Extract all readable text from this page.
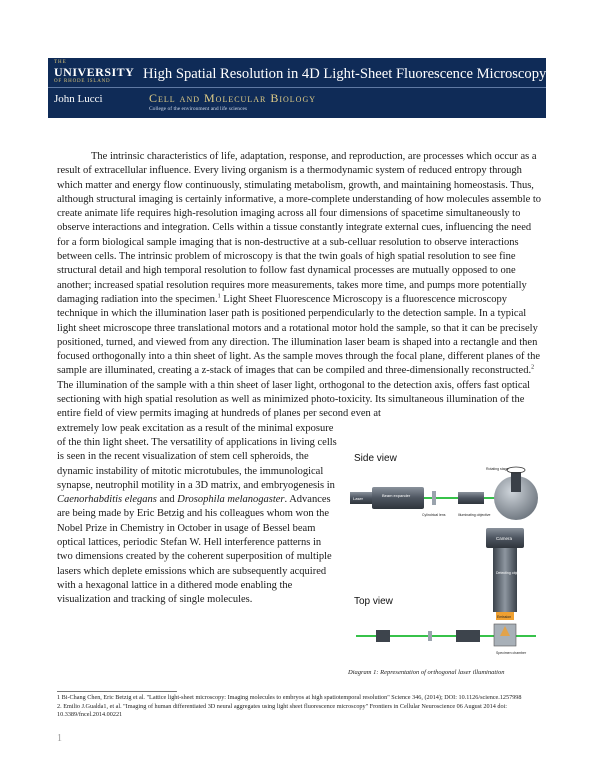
THE
UNIVERSITY
OF RHODE ISLAND	High Spatial Resolution in 4D Light-Sheet Fluorescence Microscopy
John Lucci	Cell and Molecular Biology
College of the environment and life sciences

The intrinsic characteristics of life, adaptation, response, and reproduction, are processes which occur as a result of extracellular influence. Every living organism is a thermodynamic system of reduced entropy through which matter and energy flow continuously, stimulating metabolism, growth, and maintaining homeostasis. Thus, although structural imaging is certainly informative, a more-complete understanding of how molecules assemble to create animate life requires high-resolution imaging across all four dimensions of spacetime simultaneously to observe interactions and integration. Cells within a tissue constantly integrate external cues, influencing the need for a form biological sample imaging that is non-destructive at a sub-celluar resolution to observe interactions between cells. The intrinsic problem of microscopy is that the twin goals of high spatial resolution to see fine structural detail and high temporal resolution to follow fast dynamical processes are mutually opposed to one another; increased spatial resolution requires more measurements, takes more time, and pumps more potentially damaging radiation into the specimen.$^1$ Light Sheet Fluorescence Microscopy is a fluorescence microscopy technique in which the illumination laser path is positioned perpendicularly to the detection sample. In a typical light sheet microscope three translational motors and a rotational motor hold the sample, so that it can be precisely positioned, turned, and viewed from any direction. The illumination laser beam is shaped into a rectangle and then focused orthogonally into a thin sheet of light. As the sample moves through the focal plane, different planes of the sample are illuminated, creating a z-stack of images that can be compiled and three-dimensionally reconstructed.$^2$ The illumination of the sample with a thin sheet of laser light, orthogonal to the detection axis, offers fast optical sectioning with high spatial resolution as well as minimized photo-toxicity. Its simultaneous illumination of the entire field of view permits imaging at hundreds of planes per second even at

extremely low peak excitation as a result of the minimal exposure of the thin light sheet. The versatility of applications in living cells is seen in the recent visualization of stem cell spheroids, the dynamic instability of mitotic microtubules, the immunological synapse, neutrophil motility in a 3D matrix, and embryogenesis in Caenorhabditis elegans and Drosophila melanogaster. Advances are being made by Eric Betzig and his colleagues whom won the Nobel Prize in Chemistry in October in usage of Bessel beam optical lattices, periodic Stefan W. Hell interference patterns in two dimensions created by the coherent superposition of multiple lasers which deplete emissions which are subsequently acquired with a hexagonal lattice in a dithered mode enabling the visualization and tracking of single molecules.

Side view
Top view
Laser
Beam expander
Cylindrical lens	Illuminating objective
Rotating stage
Camera
Detecting objective
Emission
Specimen chamber
Diagram 1: Representation of orthogonal laser illumination

1 Bi-Chang Chen, Eric Betzig et al. "Lattice light-sheet microscopy: Imaging molecules to embryos at high spatiotemporal resolution" Science 346, (2014); DOI: 10.1126/science.1257998

2. Emilio J.Gualda1, et al. "Imaging of human differentiated 3D neural aggregates using light sheet fluorescence microscopy" Frontiers in Cellular Neuroscience 06 August 2014 doi: 10.3389/fncel.2014.00221

1
